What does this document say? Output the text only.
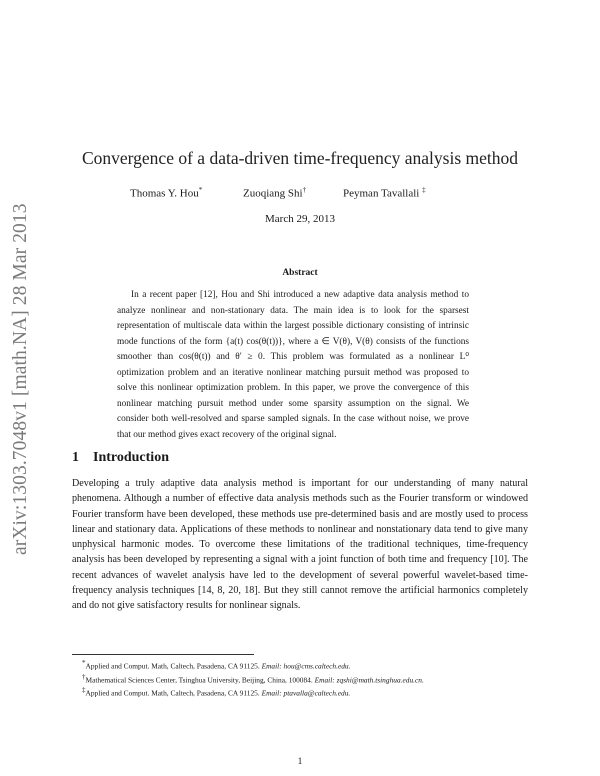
arXiv:1303.7048v1 [math.NA] 28 Mar 2013
Convergence of a data-driven time-frequency analysis method
Thomas Y. Hou*	Zuoqiang Shi†	Peyman Tavallali ‡
March 29, 2013
Abstract
In a recent paper [12], Hou and Shi introduced a new adaptive data analysis method to analyze nonlinear and non-stationary data. The main idea is to look for the sparsest representation of multiscale data within the largest possible dictionary consisting of intrinsic mode functions of the form {a(t) cos(θ(t))}, where a ∈ V(θ), V(θ) consists of the functions smoother than cos(θ(t)) and θ′ ≥ 0. This problem was formulated as a nonlinear L⁰ optimization problem and an iterative nonlinear matching pursuit method was proposed to solve this nonlinear optimization problem. In this paper, we prove the convergence of this nonlinear matching pursuit method under some sparsity assumption on the signal. We consider both well-resolved and sparse sampled signals. In the case without noise, we prove that our method gives exact recovery of the original signal.
1 Introduction
Developing a truly adaptive data analysis method is important for our understanding of many natural phenomena. Although a number of effective data analysis methods such as the Fourier transform or windowed Fourier transform have been developed, these methods use pre-determined basis and are mostly used to process linear and stationary data. Applications of these methods to nonlinear and nonstationary data tend to give many unphysical harmonic modes. To overcome these limitations of the traditional techniques, time-frequency analysis has been developed by representing a signal with a joint function of both time and frequency [10]. The recent advances of wavelet analysis have led to the development of several powerful wavelet-based time-frequency analysis techniques [14, 8, 20, 18]. But they still cannot remove the artificial harmonics completely and do not give satisfactory results for nonlinear signals.

*Applied and Comput. Math, Caltech, Pasadena, CA 91125. Email: hou@cms.caltech.edu.

†Mathematical Sciences Center, Tsinghua University, Beijing, China, 100084. Email: zqshi@math.tsinghua.edu.cn.

‡Applied and Comput. Math, Caltech, Pasadena, CA 91125. Email: ptavalla@caltech.edu.

1
